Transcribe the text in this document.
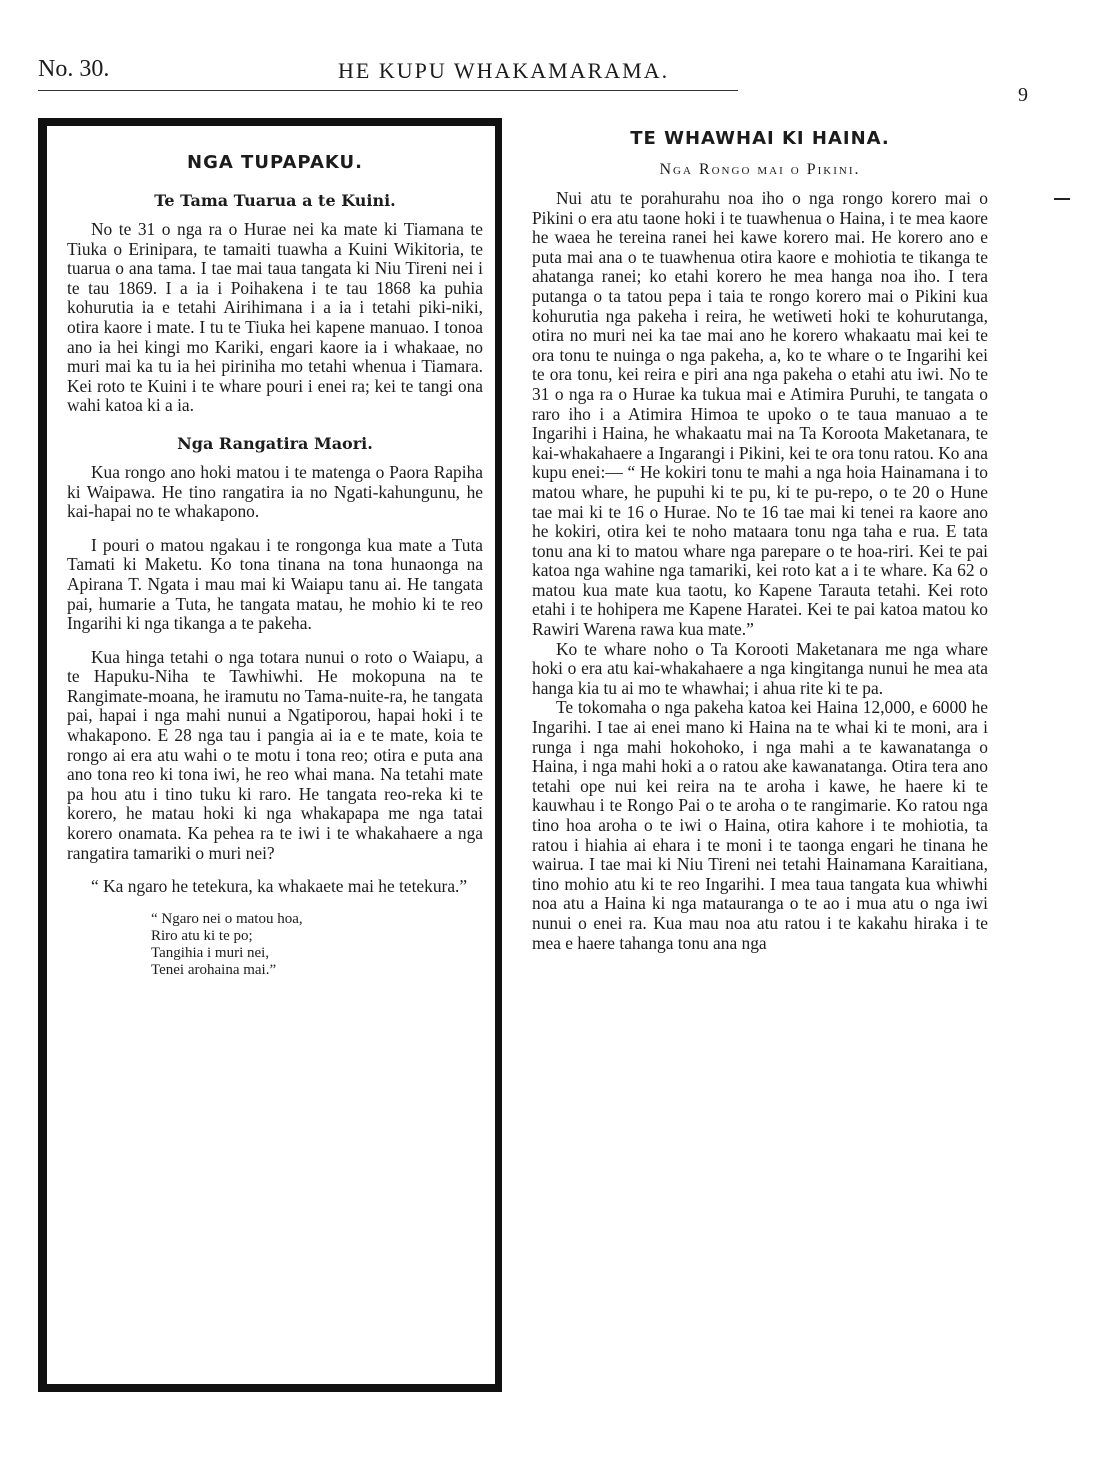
No. 30.	HE KUPU WHAKAMARAMA.
9
NGA TUPAPAKU.
Te Tama Tuarua a te Kuini.

No te 31 o nga ra o Hurae nei ka mate ki Tiamana te Tiuka o Erinipara, te tamaiti tuawha a Kuini Wikitoria, te tuarua o ana tama. I tae mai taua tangata ki Niu Tireni nei i te tau 1869. I a ia i Poihakena i te tau 1868 ka puhia kohurutia ia e tetahi Airihimana i a ia i tetahi piki-niki, otira kaore i mate. I tu te Tiuka hei kapene manuao. I tonoa ano ia hei kingi mo Kariki, engari kaore ia i whakaae, no muri mai ka tu ia hei piriniha mo tetahi whenua i Tiamara. Kei roto te Kuini i te whare pouri i enei ra; kei te tangi ona wahi katoa ki a ia.

Nga Rangatira Maori.

Kua rongo ano hoki matou i te matenga o Paora Rapiha ki Waipawa. He tino rangatira ia no Ngati-kahungunu, he kai-hapai no te whakapono.

I pouri o matou ngakau i te rongonga kua mate a Tuta Tamati ki Maketu. Ko tona tinana na tona hunaonga na Apirana T. Ngata i mau mai ki Waiapu tanu ai. He tangata pai, humarie a Tuta, he tangata matau, he mohio ki te reo Ingarihi ki nga tikanga a te pakeha.

Kua hinga tetahi o nga totara nunui o roto o Waiapu, a te Hapuku-Niha te Tawhiwhi. He mokopuna na te Rangimate-moana, he iramutu no Tama-nuite-ra, he tangata pai, hapai i nga mahi nunui a Ngatiporou, hapai hoki i te whakapono. E 28 nga tau i pangia ai ia e te mate, koia te rongo ai era atu wahi o te motu i tona reo; otira e puta ana ano tona reo ki tona iwi, he reo whai mana. Na tetahi mate pa hou atu i tino tuku ki raro. He tangata reo-reka ki te korero, he matau hoki ki nga whakapapa me nga tatai korero onamata. Ka pehea ra te iwi i te whakahaere a nga rangatira tamariki o muri nei?

“ Ka ngaro he tetekura, ka whakaete mai he tetekura.”

“ Ngaro nei o matou hoa,
Riro atu ki te po;
Tangihia i muri nei,
Tenei arohaina mai.”
TE WHAWHAI KI HAINA.
Nga Rongo mai o Pikini.

Nui atu te porahurahu noa iho o nga rongo korero mai o Pikini o era atu taone hoki i te tuawhenua o Haina, i te mea kaore he waea he tereina ranei hei kawe korero mai. He korero ano e puta mai ana o te tuawhenua otira kaore e mohiotia te tikanga te ahatanga ranei; ko etahi korero he mea hanga noa iho. I tera putanga o ta tatou pepa i taia te rongo korero mai o Pikini kua kohurutia nga pakeha i reira, he wetiweti hoki te kohurutanga, otira no muri nei ka tae mai ano he korero whakaatu mai kei te ora tonu te nuinga o nga pakeha, a, ko te whare o te Ingarihi kei te ora tonu, kei reira e piri ana nga pakeha o etahi atu iwi. No te 31 o nga ra o Hurae ka tukua mai e Atimira Puruhi, te tangata o raro iho i a Atimira Himoa te upoko o te taua manuao a te Ingarihi i Haina, he whakaatu mai na Ta Koroota Maketanara, te kai-whakahaere a Ingarangi i Pikini, kei te ora tonu ratou. Ko ana kupu enei:— “ He kokiri tonu te mahi a nga hoia Hainamana i to matou whare, he pupuhi ki te pu, ki te pu-repo, o te 20 o Hune tae mai ki te 16 o Hurae. No te 16 tae mai ki tenei ra kaore ano he kokiri, otira kei te noho mataara tonu nga taha e rua. E tata tonu ana ki to matou whare nga parepare o te hoa-riri. Kei te pai katoa nga wahine nga tamariki, kei roto kat a i te whare. Ka 62 o matou kua mate kua taotu, ko Kapene Tarauta tetahi. Kei roto etahi i te hohipera me Kapene Haratei. Kei te pai katoa matou ko Rawiri Warena rawa kua mate.”

Ko te whare noho o Ta Korooti Maketanara me nga whare hoki o era atu kai-whakahaere a nga kingitanga nunui he mea ata hanga kia tu ai mo te whawhai; i ahua rite ki te pa.

Te tokomaha o nga pakeha katoa kei Haina 12,000, e 6000 he Ingarihi. I tae ai enei mano ki Haina na te whai ki te moni, ara i runga i nga mahi hokohoko, i nga mahi a te kawanatanga o Haina, i nga mahi hoki a o ratou ake kawanatanga. Otira tera ano tetahi ope nui kei reira na te aroha i kawe, he haere ki te kauwhau i te Rongo Pai o te aroha o te rangimarie. Ko ratou nga tino hoa aroha o te iwi o Haina, otira kahore i te mohiotia, ta ratou i hiahia ai ehara i te moni i te taonga engari he tinana he wairua. I tae mai ki Niu Tireni nei tetahi Hainamana Karaitiana, tino mohio atu ki te reo Ingarihi. I mea taua tangata kua whiwhi noa atu a Haina ki nga matauranga o te ao i mua atu o nga iwi nunui o enei ra. Kua mau noa atu ratou i te kakahu hiraka i te mea e haere tahanga tonu ana nga
